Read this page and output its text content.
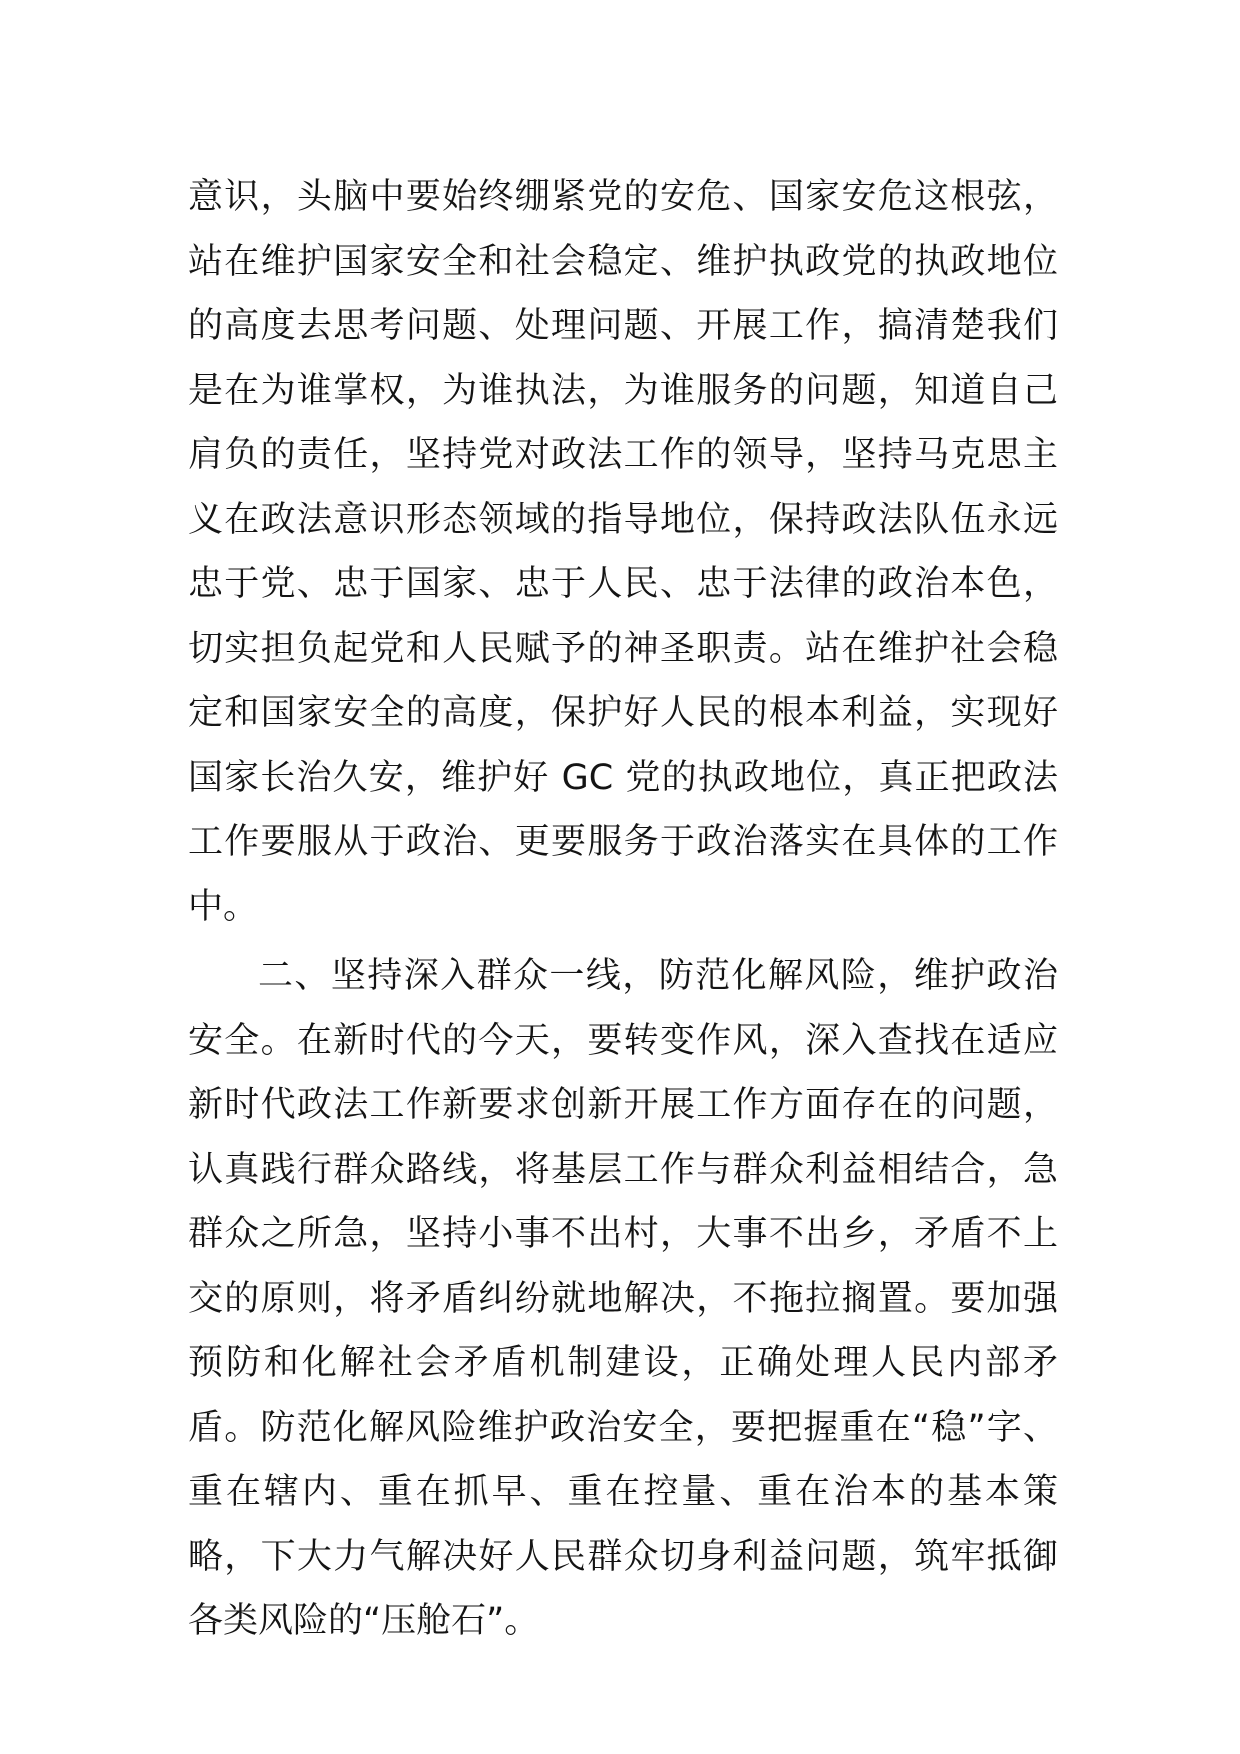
意识，头脑中要始终绷紧党的安危、国家安危这根弦，站在维护国家安全和社会稳定、维护执政党的执政地位的高度去思考问题、处理问题、开展工作，搞清楚我们是在为谁掌权，为谁执法，为谁服务的问题，知道自己肩负的责任，坚持党对政法工作的领导，坚持马克思主义在政法意识形态领域的指导地位，保持政法队伍永远忠于党、忠于国家、忠于人民、忠于法律的政治本色，切实担负起党和人民赋予的神圣职责。站在维护社会稳定和国家安全的高度，保护好人民的根本利益，实现好国家长治久安，维护好 GC 党的执政地位，真正把政法工作要服从于政治、更要服务于政治落实在具体的工作中。

二、坚持深入群众一线，防范化解风险，维护政治安全。在新时代的今天，要转变作风，深入查找在适应新时代政法工作新要求创新开展工作方面存在的问题，认真践行群众路线，将基层工作与群众利益相结合，急群众之所急，坚持小事不出村，大事不出乡，矛盾不上交的原则，将矛盾纠纷就地解决，不拖拉搁置。要加强预防和化解社会矛盾机制建设，正确处理人民内部矛盾。防范化解风险维护政治安全，要把握重在“稳”字、重在辖内、重在抓早、重在控量、重在治本的基本策略，下大力气解决好人民群众切身利益问题，筑牢抵御各类风险的“压舱石”。
